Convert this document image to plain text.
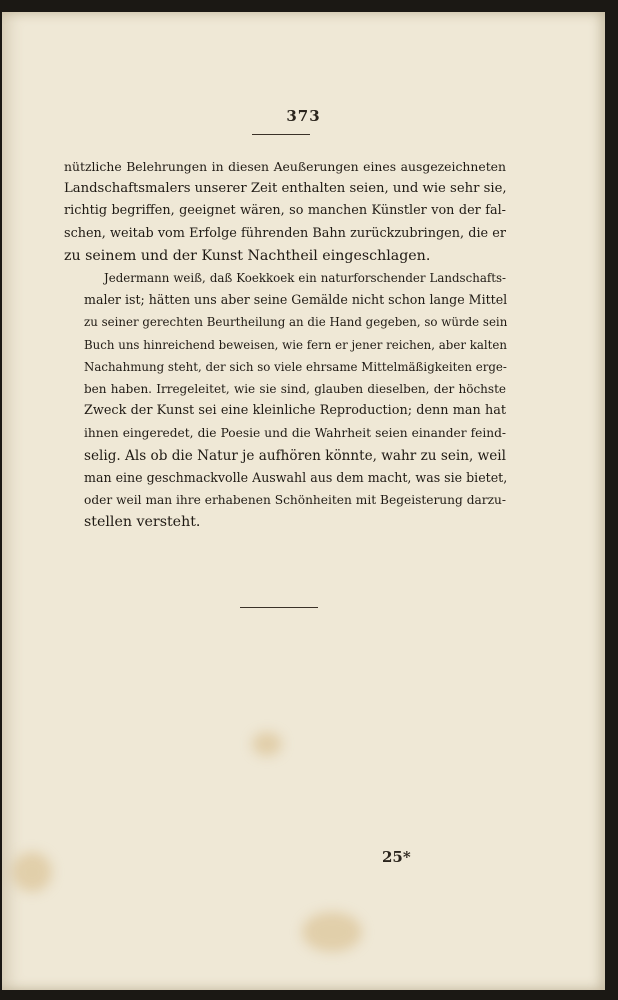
373

nützliche Belehrungen in diesen Aeußerungen eines ausgezeichneten
Landschaftsmalers unserer Zeit enthalten seien, und wie sehr sie,
richtig begriffen, geeignet wären, so manchen Künstler von der fal-
schen, weitab vom Erfolge führenden Bahn zurückzubringen, die er
zu seinem und der Kunst Nachtheil eingeschlagen.

Jedermann weiß, daß Koekkoek ein naturforschender Landschafts-
maler ist; hätten uns aber seine Gemälde nicht schon lange Mittel
zu seiner gerechten Beurtheilung an die Hand gegeben, so würde sein
Buch uns hinreichend beweisen, wie fern er jener reichen, aber kalten
Nachahmung steht, der sich so viele ehrsame Mittelmäßigkeiten erge-
ben haben. Irregeleitet, wie sie sind, glauben dieselben, der höchste
Zweck der Kunst sei eine kleinliche Reproduction; denn man hat
ihnen eingeredet, die Poesie und die Wahrheit seien einander feind-
selig. Als ob die Natur je aufhören könnte, wahr zu sein, weil
man eine geschmackvolle Auswahl aus dem macht, was sie bietet,
oder weil man ihre erhabenen Schönheiten mit Begeisterung darzu-
stellen versteht.

25*
